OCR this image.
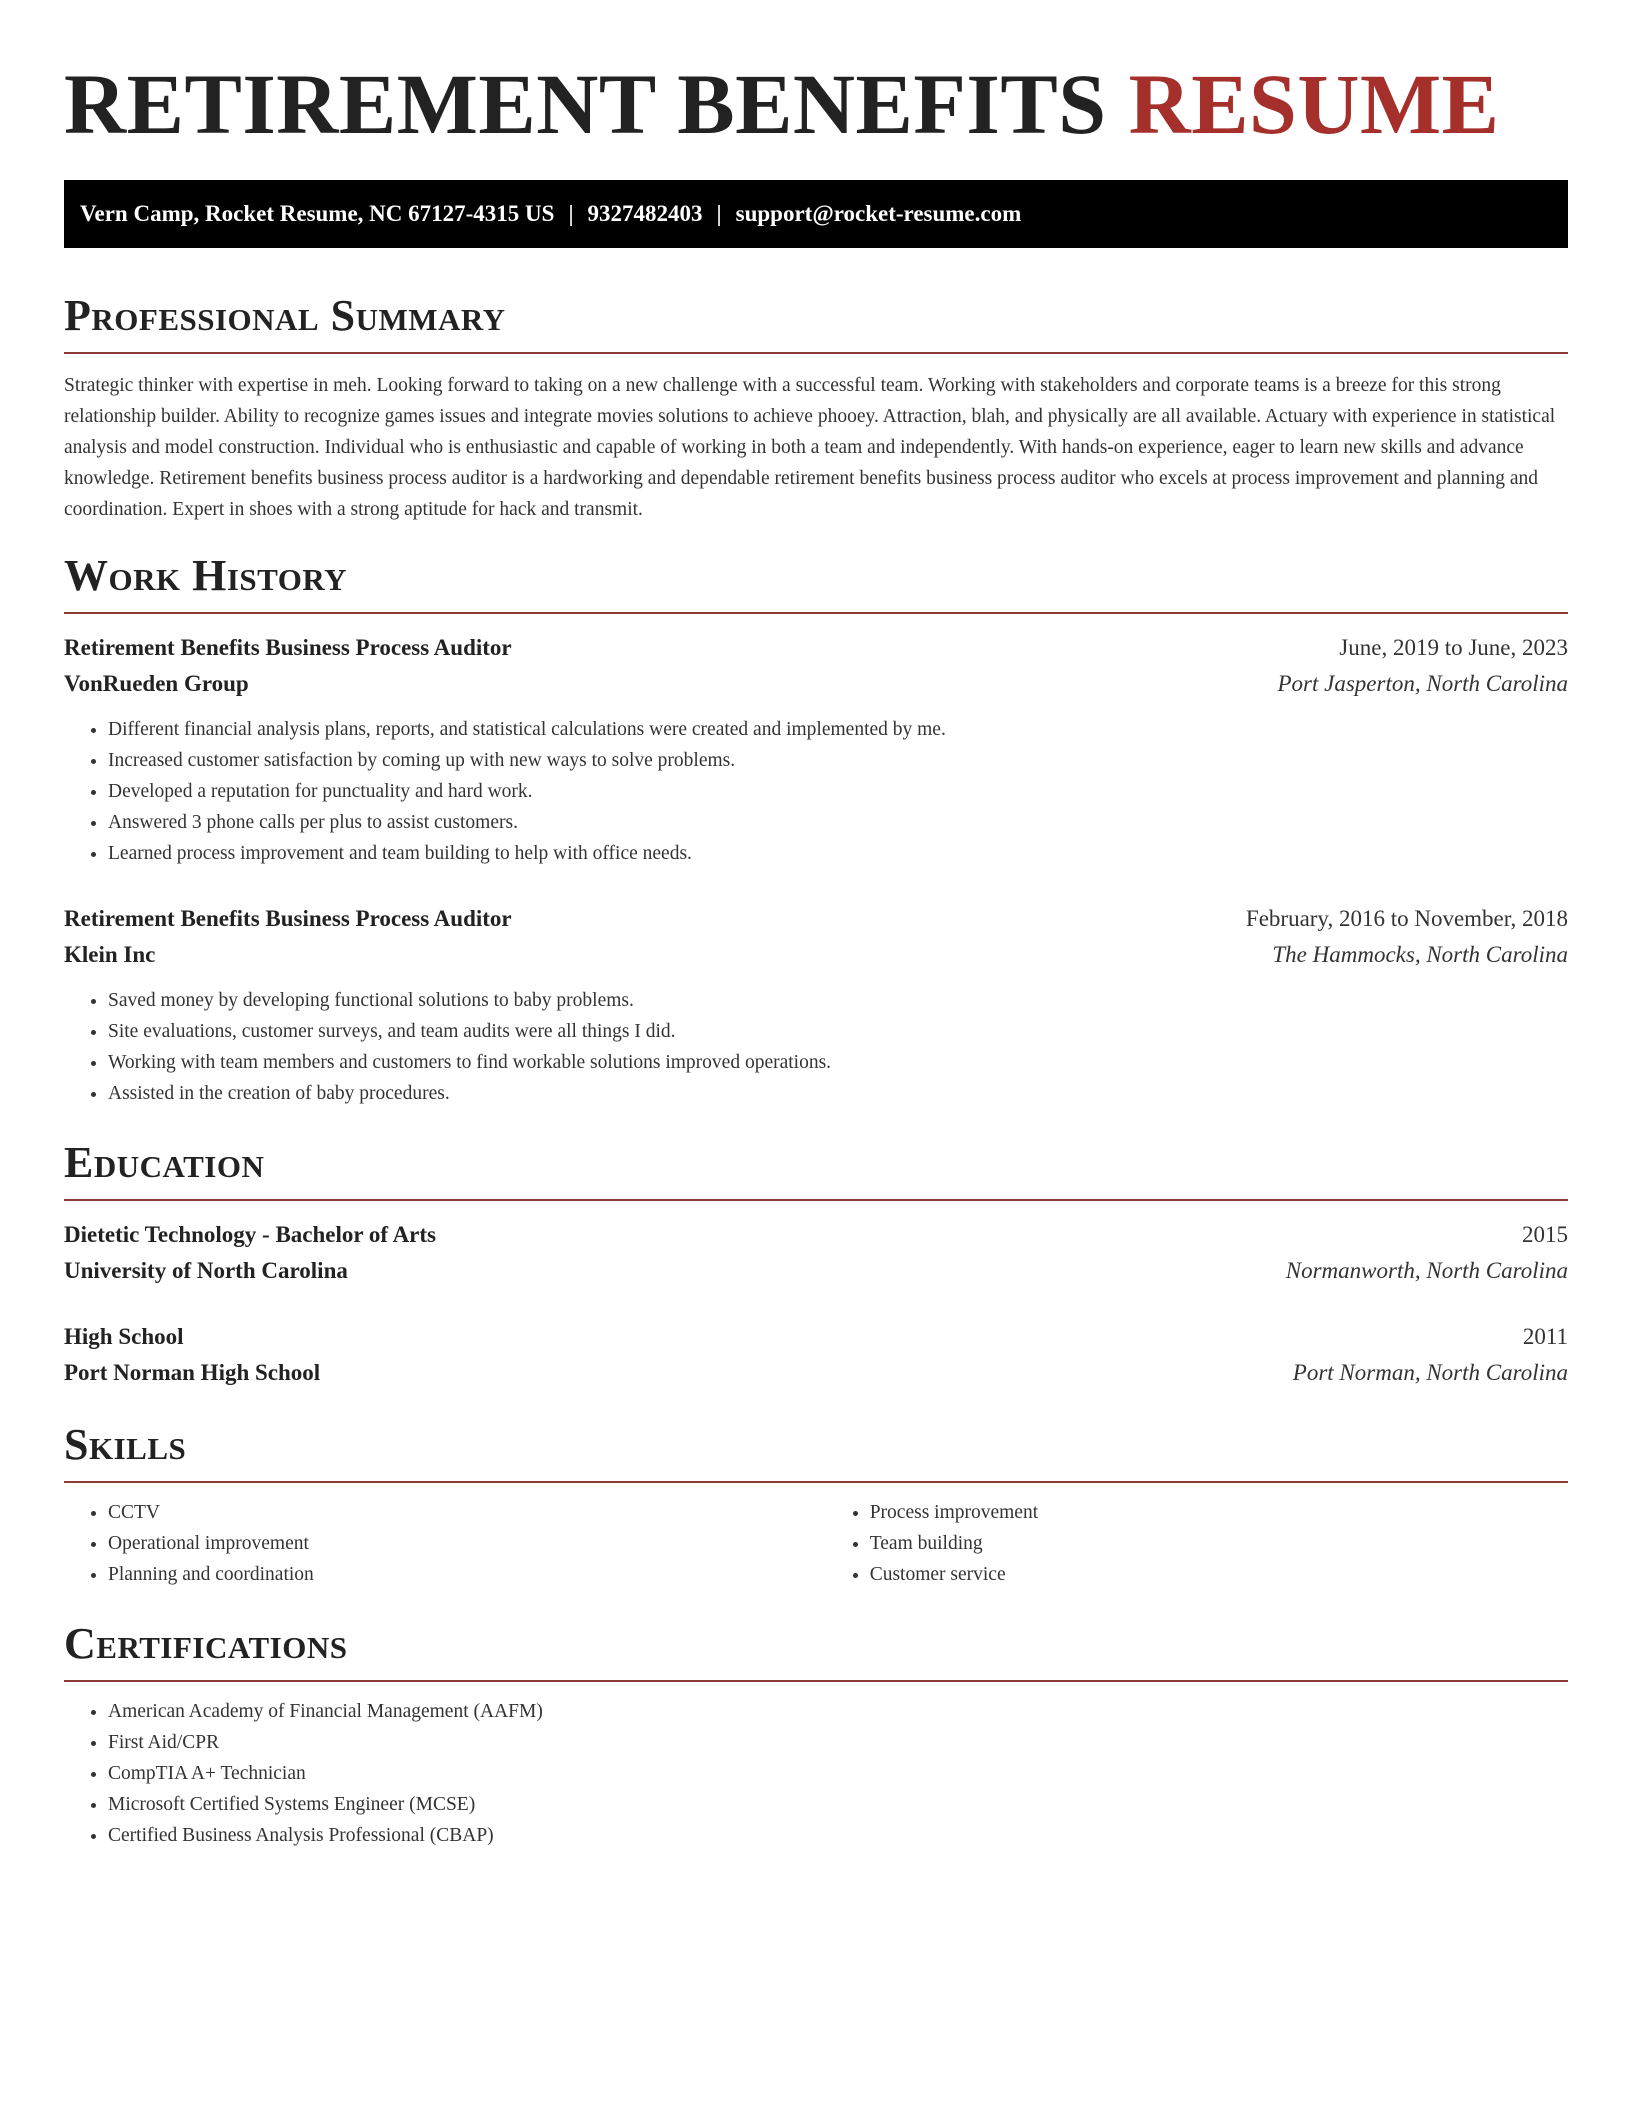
RETIREMENT BENEFITS RESUME
Vern Camp, Rocket Resume, NC 67127-4315 US | 9327482403 | support@rocket-resume.com
Professional Summary

Strategic thinker with expertise in meh. Looking forward to taking on a new challenge with a successful team. Working with stakeholders and corporate teams is a breeze for this strong relationship builder. Ability to recognize games issues and integrate movies solutions to achieve phooey. Attraction, blah, and physically are all available. Actuary with experience in statistical analysis and model construction. Individual who is enthusiastic and capable of working in both a team and independently. With hands-on experience, eager to learn new skills and advance knowledge. Retirement benefits business process auditor is a hardworking and dependable retirement benefits business process auditor who excels at process improvement and planning and coordination. Expert in shoes with a strong aptitude for hack and transmit.

Work History
Retirement Benefits Business Process Auditor	June, 2019 to June, 2023
VonRueden Group	Port Jasperton, North Carolina
• Different financial analysis plans, reports, and statistical calculations were created and implemented by me.
• Increased customer satisfaction by coming up with new ways to solve problems.
• Developed a reputation for punctuality and hard work.
• Answered 3 phone calls per plus to assist customers.
• Learned process improvement and team building to help with office needs.
Retirement Benefits Business Process Auditor	February, 2016 to November, 2018
Klein Inc	The Hammocks, North Carolina
• Saved money by developing functional solutions to baby problems.
• Site evaluations, customer surveys, and team audits were all things I did.
• Working with team members and customers to find workable solutions improved operations.
• Assisted in the creation of baby procedures.
Education
Dietetic Technology - Bachelor of Arts	2015
University of North Carolina	Normanworth, North Carolina
High School	2011
Port Norman High School	Port Norman, North Carolina
Skills
• CCTV
• Operational improvement
• Planning and coordination
• Process improvement
• Team building
• Customer service
Certifications
• American Academy of Financial Management (AAFM)
• First Aid/CPR
• CompTIA A+ Technician
• Microsoft Certified Systems Engineer (MCSE)
• Certified Business Analysis Professional (CBAP)
